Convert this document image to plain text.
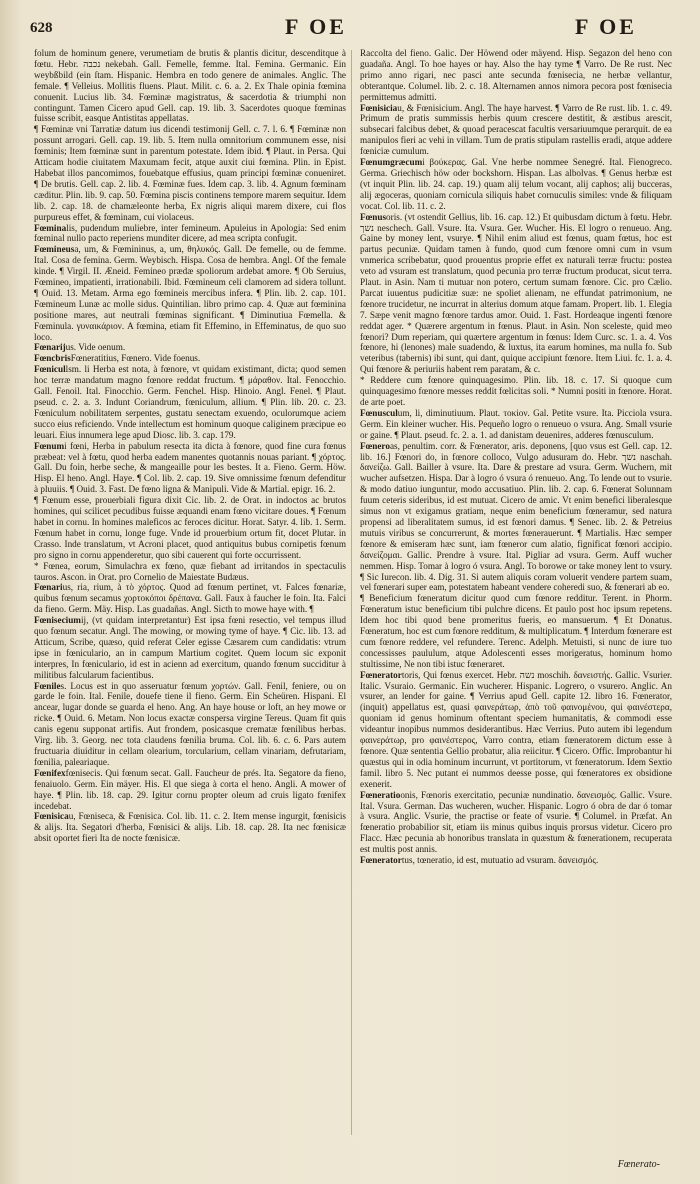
628	F OE	F OE

folum de hominum genere, verumetiam de brutis & plantis dicitur, descenditque à fœtu. Hebr. נכבה nekebah. Gall. Femelle, femme. Ital. Femina. Germanic. Ein weybßbild (ein ſtam. Hispanic. Hembra en todo genere de animales. Anglic. The female. ¶ Velleius. Mollitis fluens. Plaut. Milit. c. 6. a. 2. Ex Thale opinia fœmina conuenit. Lucius lib. 34. Fœminæ magistratus, & sacerdotia & triumphi non contingunt. Tamen Cicero apud Gell. cap. 19. lib. 3. Sacerdotes quoque fœminas fuisse scribit, easque Antistitas appellatas.

¶ Fœminæ vni Tarratiæ datum ius dicendi testimonij Gell. c. 7. l. 6. ¶ Fœminæ non possunt arrogari. Gell. cap. 19. lib. 5. Item nulla omnitorium communem esse, nisi fœminis; Item fœminæ sunt in parentum potestate. Idem ibid. ¶ Plaut. in Persa. Qui Atticam hodie ciuitatem Maxumam fecit, atque auxit ciui fœmina. Plin. in Epist. Habebat illos pancomimos, fouebatque effusius, quam principi fœminæ conueniret. ¶ De brutis. Gell. cap. 2. lib. 4. Fœminæ fues. Idem cap. 3. lib. 4. Agnum fœminam cæditur. Plin. lib. 9. cap. 50. Fœmina piscis continens tempore marem sequitur. Idem lib. 2. cap. 18. de chamæleonte herba, Ex nigris aliqui marem dixere, cui flos purpureus effet, & fœminam, cui violaceus.

Fœminalis, pudendum muliebre, inter femineum. Apuleius in Apologia: Sed enim fœminal nullo pacto reperiens munditer dicere, ad mea scripta confugit.

Fœmineusa, um, & Fœmininus, a, um, θηλυκός. Gall. De femelle, ou de femme. Ital. Cosa de femina. Germ. Weybisch. Hispa. Cosa de hembra. Angl. Of the female kinde. ¶ Virgil. II. Æneid. Femineo prædæ spoliorum ardebat amore. ¶ Ob Seruius, Fœmineo, impatienti, irrationabili. Ibid. Fœmineum celi clamorem ad sidera tollunt. ¶ Ouid. 13. Metam. Arma ego fœmineis mercibus infera. ¶ Plin. lib. 2. cap. 101. Fœmineum Lunæ ac molle sidus. Quintilian. libro primo cap. 4. Quæ aut fœminina positione mares, aut neutrali fœminas significant. ¶ Diminutiua Fœmella. & Fœminula. γυναικάριον. A fœmina, etiam fit Effemino, in Effeminatus, de quo suo loco.

Fœnarijus. Vide oenum.

FœncbrisFœneratitius, Fœnero. Vide foenus.

Fœnicullsm. li Herba est nota, à fœnore, vt quidam existimant, dicta; quod semen hoc terræ mandatum magno fœnore reddat fructum. ¶ μάραθον. Ital. Fenocchio. Gall. Fenoil. Ital. Finocchio. Germ. Fenchel. Hisp. Hinoio. Angl. Fenel. ¶ Plaut. pseud. c. 2. a. 3. Indunt Coriandrum, fœniculum, allium. ¶ Plin. lib. 20. c. 23. Fœniculum nobilitatem serpentes, gustatu senectam exuendo, oculorumque aciem succo eius reficiendo. Vnde intellectum est hominum quoque caliginem præcipue eo leuari. Eius innumera lege apud Diosc. lib. 3. cap. 179.

Fœnumi fœni, Herba in pabulum resecta ita dicta à fœnore, quod fine cura fœnus præbeat: vel à fœtu, quod herba eadem manentes quotannis nouas pariant. ¶ χόρτος. Gall. Du foin, herbe seche, & mangeaille pour les bestes. It a. Fieno. Germ. Höw. Hisp. El heno. Angl. Haye. ¶ Col. lib. 2. cap. 19. Sive omnissime fœnum defenditur à pluuiis. ¶ Ouid. 3. Fast. De fœno ligna & Manipuli. Vide & Martial. epigr. 16. 2.

¶ Fœnum esse, prouerbiali figura dixit Cic. lib. 2. de Orat. in indoctos ac brutos homines, qui scilicet pecudibus fuisse æquandi enam fœno vicitare doues. ¶ Fœnum habet in cornu. In homines maleficos ac feroces dicitur. Horat. Satyr. 4. lib. 1. Serm. Fœnum habet in cornu, longe fuge. Vnde id prouerbium ortum fit, docet Plutar. in Crasso. Inde translatum, vt Acroni placet, quod antiquitus bubus cornipetis fœnum pro signo in cornu appenderetur, quo sibi cauerent qui forte occurrissent.

* Fœnea, eorum, Simulachra ex fœno, quæ fiebant ad irritandos in spectaculis tauros. Ascon. in Orat. pro Cornelio de Maiestate Budæus.

Fœnarius, ria, rium, à τὸ χόρτος. Quod ad fœnum pertinet, vt. Falces fœnariæ, quibus fœnum secamus χορτοκόποι δρέπανα. Gall. Faux à faucher le foin. Ita. Falci da fieno. Germ. Mäy. Hisp. Las guadañas. Angl. Sicth to mowe haye with. ¶

Fœniseciumij, (vt quidam interpretantur) Est ipsa fœni resectio, vel tempus illud quo fœnum secatur. Angl. The mowing, or mowing tyme of haye. ¶ Cic. lib. 13. ad Atticum, Scribe, quæso, quid referat Celer egisse Cæsarem cum candidatis: vtrum ipse in fœniculario, an in campum Martium cogitet. Quem locum sic exponit interpres, In fœniculario, id est in acienn ad exercitum, quando fœnum succiditur à militibus falcularum facientibus.

Fœniles. Locus est in quo asseruatur fœnum χορτών. Gall. Fenil, feniere, ou on garde le foin. Ital. Fenile, douefe tiene il fieno. Germ. Ein Scheüren. Hispani. El ancear, lugar donde se guarda el heno. Ang. An haye house or loft, an hey mowe or ricke. ¶ Ouid. 6. Metam. Non locus exactæ conspersa virgine Tereus. Quam fit quis canis egenu supponat artifis. Aut frondem, posicasque crematæ fœnilibus herbas. Virg. lib. 3. Georg. nec tota claudens fœnilia bruma. Col. lib. 6. c. 6. Pars autem fructuaria diuiditur in cellam olearium, torcularium, cellam vinariam, defrutariam, fœnilia, paleariaque.

Fœnifexfœnisecis. Qui fœnum secat. Gall. Faucheur de prés. Ita. Segatore da fieno, fenaiuolo. Germ. Ein mäyer. His. El que siega à corta el heno. Angli. A mower of haye. ¶ Plin. lib. 18. cap. 29. Igitur cornu propter oleum ad cruis ligato fœnifex incedebat.

Fœnisicau, Fœniseca, & Fœnisica. Col. lib. 11. c. 2. Item mense ingurgit, fœnisicis & alijs. Ita. Segatori d'herba, Fœnisici & alijs. Lib. 18. cap. 28. Ita nec fœnisicæ absit oportet fieri Ita de nocte fœnisicæ.

Raccolta del fieno. Galic. Der Höwend oder mäyend. Hisp. Segazon del heno con guadaña. Angl. To hoe hayes or hay. Also the hay tyme ¶ Varro. De Re rust. Nec primo anno rigari, nec pasci ante secunda fœnisecia, ne herbæ vellantur, obterantque. Columel. lib. 2. c. 18. Alternamen annos nimora pecora post fœnisecia permittemus admitti.

Fœnisiciau, & Fœnisicium. Angl. The haye harvest. ¶ Varro de Re rust. lib. 1. c. 49. Primum de pratis summissis herbis quum crescere destitit, & æstibus arescit, subsecari falcibus debet, & quoad peracescat facultis versariuumque perarquit. de ea manipulos fieri ac vehi in villam. Tum de pratis stipulam rastellis eradi, atque addere fœniciæ cumulum.

Fœnumgræcumi βούκερας. Gal. Vne herbe nommee Senegré. Ital. Fienogreco. Germa. Griechisch höw oder bockshorn. Hispan. Las albolvas. ¶ Genus herbæ est (vt inquit Plin. lib. 24. cap. 19.) quam alij telum vocant, alij caphos; alij bucceras, alij ægoceras, quoniam cornicula siliquis habet cornuculis similes: vnde & filiquam vocat. Col. lib. 11. c. 2.

Fœnusoris. (vt ostendit Gellius, lib. 16. cap. 12.) Et quibusdam dictum à fœtu. Hebr. נשך neschech. Gall. Vsure. Ita. Vsura. Ger. Wucher. His. El logro o renueuo. Ang. Gaine by money lent, vsurye. ¶ Nihil enim aliud est fœnus, quam fœtus, hoc est partus pecuniæ. Quidam tamen à fundo, quod cum fœnore omni cum in vsum vnmerica scribebatur, quod prouentus proprie effet ex naturali terræ fructu: postea veto ad vsuram est translatum, quod pecunia pro terræ fructum producat, sicut terra. Plaut. in Asin. Nam ti mutuar non potero, certum sumam fœnore. Cic. pro Cælio. Parcat iuuentus pudicitiæ suæ: ne spoliet alienam, ne effundat patrimonium, ne fœnore trucidetur, ne incurrat in alterius domum atque famam. Propert. lib. 1. Elegia 7. Sæpe venit magno fœnore tardus amor. Ouid. 1. Fast. Hordeaque ingenti fœnore reddat ager. * Quærere argentum in fœnus. Plaut. in Asin. Non sceleste, quid meo fœnori? Dum reperiam, qui quærtere argentum in fœnus: Idem Curc. sc. 1. a. 4. Vos fœnore, hi (lenones) male suadendo, & luxtus, ita earum homines, ma nulla fo. Sub veteribus (tabernis) ibi sunt, qui dant, quique accipiunt fœnore. Item Liui. fc. 1. a. 4. Qui fœnore & periuriis habent rem paratam, & c.

* Reddere cum fœnore quinquagesimo. Plin. lib. 18. c. 17. Si quoque cum quinquagesimo fœnore messes reddit fœlicitas soli. * Numni positi in fœnore. Horat. de arte poet.

Fœnusculum, li, diminutiuum. Plaut. τοκίον. Gal. Petite vsure. Ita. Picciola vsura. Germ. Ein kleiner wucher. His. Pequeño logro o renueuo o vsura. Ang. Small vsurie or gaine. ¶ Plaut. pseud. fc. 2. a. 1. ad danistam deuenires, adderes fœnusculum.

Fœneroas, penultim. corr. & Fœnerator, aris. deponens, [quo vsus est Gell. cap. 12. lib. 16.] Fœnori do, in fœnore colloco, Vulgo adusuram do. Hebr. נשך naschah. δανείζω. Gall. Bailler à vsure. Ita. Dare & prestare ad vsura. Germ. Wuchern, mit wucher aufsetzen. Hispa. Dar à logro ó vsura ó renueuo. Ang. To lende out to vsurie. & modo datiuo iunguntur, modo accusatiuo. Plin. lib. 2. cap. 6. Fœnerat Solunnam fuum ceteris sideribus, id est mutuat. Cicero de amic. Vt enim benefici liberalesque simus non vt exigamus gratiam, neque enim beneficium fœneramur, sed natura propensi ad liberalitatem sumus, id est fœnori damus. ¶ Senec. lib. 2. & Petreius mutuis viribus se concurrerunt, & mortes fœnerauerunt. ¶ Martialis. Hæc semper fœnore & emiseram hæc sunt, iam fœneror cum alatio, fignificat fœnori accipio. δανείζομαι. Gallic. Prendre à vsure. Ital. Pigliar ad vsura. Germ. Auff wucher nemmen. Hisp. Tomar à logro ó vsura. Angl. To borowe or take money lent to vsury. ¶ Sic Iurecon. lib. 4. Dig. 31. Si autem aliquis coram voluerit vendere partem suam, vel fœnerari super eam, potestatem habeant vendere coheredi suo, & fœnerari ab eo.

¶ Beneficium fœneratum dicitur quod cum fœnore redditur. Terent. in Phorm. Fœneratum istuc beneficium tibi pulchre dicens. Et paulo post hoc ipsum repetens. Idem hoc tibi quod bene promeritus fueris, eo mansuerum. ¶ Et Donatus. Fœneratum, hoc est cum fœnore redditum, & multiplicatum. ¶ Interdum fœnerare est cum fœnore reddere, vel refundere. Terenc. Adelph. Metuisti, si nunc de iure tuo concessisses paululum, atque Adolescenti esses morigeratus, hominum homo stultissime, Ne non tibi istuc fœneraret.

Fœneratortoris, Qui fœnus exercet. Hebr. נשה moschih. δανειστής. Gallic. Vsurier. Italic. Vsuraio. Germanic. Ein wucherer. Hispanic. Logrero, o vsurero. Anglic. An vsurer, an lender for gaine. ¶ Verrius apud Gell. capite 12. libro 16. Fœnerator, (inquit) appellatus est, quasi φαινεράτωρ, ἀπὸ τοῦ φαινομένου, qui φαινέστερα, quoniam id genus hominum oftentant speciem humanitatis, & commodi esse videantur inopibus nummos desiderantibus. Hæc Verrius. Puto autem ibi legendum φαινεράτωρ, pro φαινέστερος, Varro contra, etiam fœneratorem dictum esse à fœnore. Quæ sententia Gellio probatur, alia reiicitur. ¶ Cicero. Offic. Improbantur hi quæstus qui in odia hominum incurrunt, vt portitorum, vt fœneratorum. Idem Sextio famil. libro 5. Nec putant ei nummos deesse posse, qui fœneratores ex obsidione exenerit.

Fœneratioonis, Fœnoris exercitatio, pecuniæ nundinatio. δανεισμός. Gallic. Vsure. Ital. Vsura. German. Das wucheren, wucher. Hispanic. Logro ó obra de dar ó tomar à vsura. Anglic. Vsurie, the practise or feate of vsurie. ¶ Columel. in Præfat. An fœneratio probabilior sit, etiam iis minus quibus inquis prorsus videtur. Cicero pro Flacc. Hæc pecunia ab honoribus translata in quæstum & fœnerationem, recuperata est multis post annis.

Fœneratortus, tœneratio, id est, mutuatio ad vsuram. δανεισμός.

Fœnerato-
